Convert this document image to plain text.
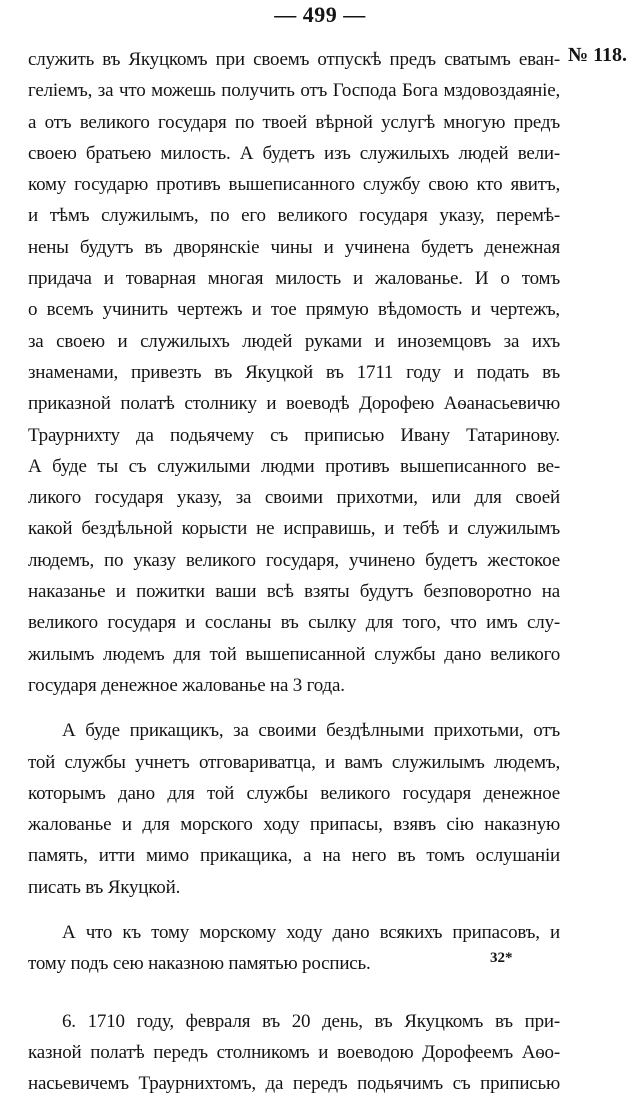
— 499 —
№ 118.
служить въ Якуцкомъ при своемъ отпускѣ предъ сватымъ еван-
гелiемъ, за что можешь получить отъ Господа Бога мздовоздаянiе,
а отъ великого государя по твоей вѣрной услугѣ многую предъ
своею братьею милость. А будетъ изъ служилыхъ людей вели-
кому государю противъ вышеписанного службу свою кто явитъ,
и тѣмъ служилымъ, по его великого государя указу, перемѣ-
нены будутъ въ дворянскiе чины и учинена будетъ денежная
придача и товарная многая милость и жалованье. И о томъ
о всемъ учинить чертежъ и тое прямую вѣдомость и чертежъ,
за своею и служилыхъ людей руками и иноземцовъ за ихъ
знаменами, привезть въ Якуцкой въ 1711 году и подать въ
приказной полатѣ столнику и воеводѣ Дорофею Аѳанасьевичю
Траурнихту да подьячему съ приписью Ивану Татаринову.
А буде ты съ служилыми людми противъ вышеписанного ве-
ликого государя указу, за своими прихотми, или для своей
какой бездѣльной корысти не исправишь, и тебѣ и служилымъ
людемъ, по указу великого государя, учинено будетъ жестокое
наказанье и пожитки ваши всѣ взяты будутъ безповоротно на
великого государя и сосланы въ сылку для того, что имъ слу-
жилымъ людемъ для той вышеписанной службы дано великого
государя денежное жалованье на 3 года.
А буде прикащикъ, за своими бездѣлными прихотьми, отъ
той службы учнетъ отговариватца, и вамъ служилымъ людемъ,
которымъ дано для той службы великого государя денежное
жалованье и для морского ходу припасы, взявъ сiю наказную
память, итти мимо прикащика, а на него въ томъ ослушанiи
писать въ Якуцкой.
А что къ тому морскому ходу дано всякихъ припасовъ, и
тому подъ сею наказною памятью роспись.
6. 1710 году, февраля въ 20 день, въ Якуцкомъ въ при-
казной полатѣ передъ столникомъ и воеводою Дорофеемъ Аѳо-
насьевичемъ Траурнихтомъ, да передъ подьячимъ съ приписью
32*
